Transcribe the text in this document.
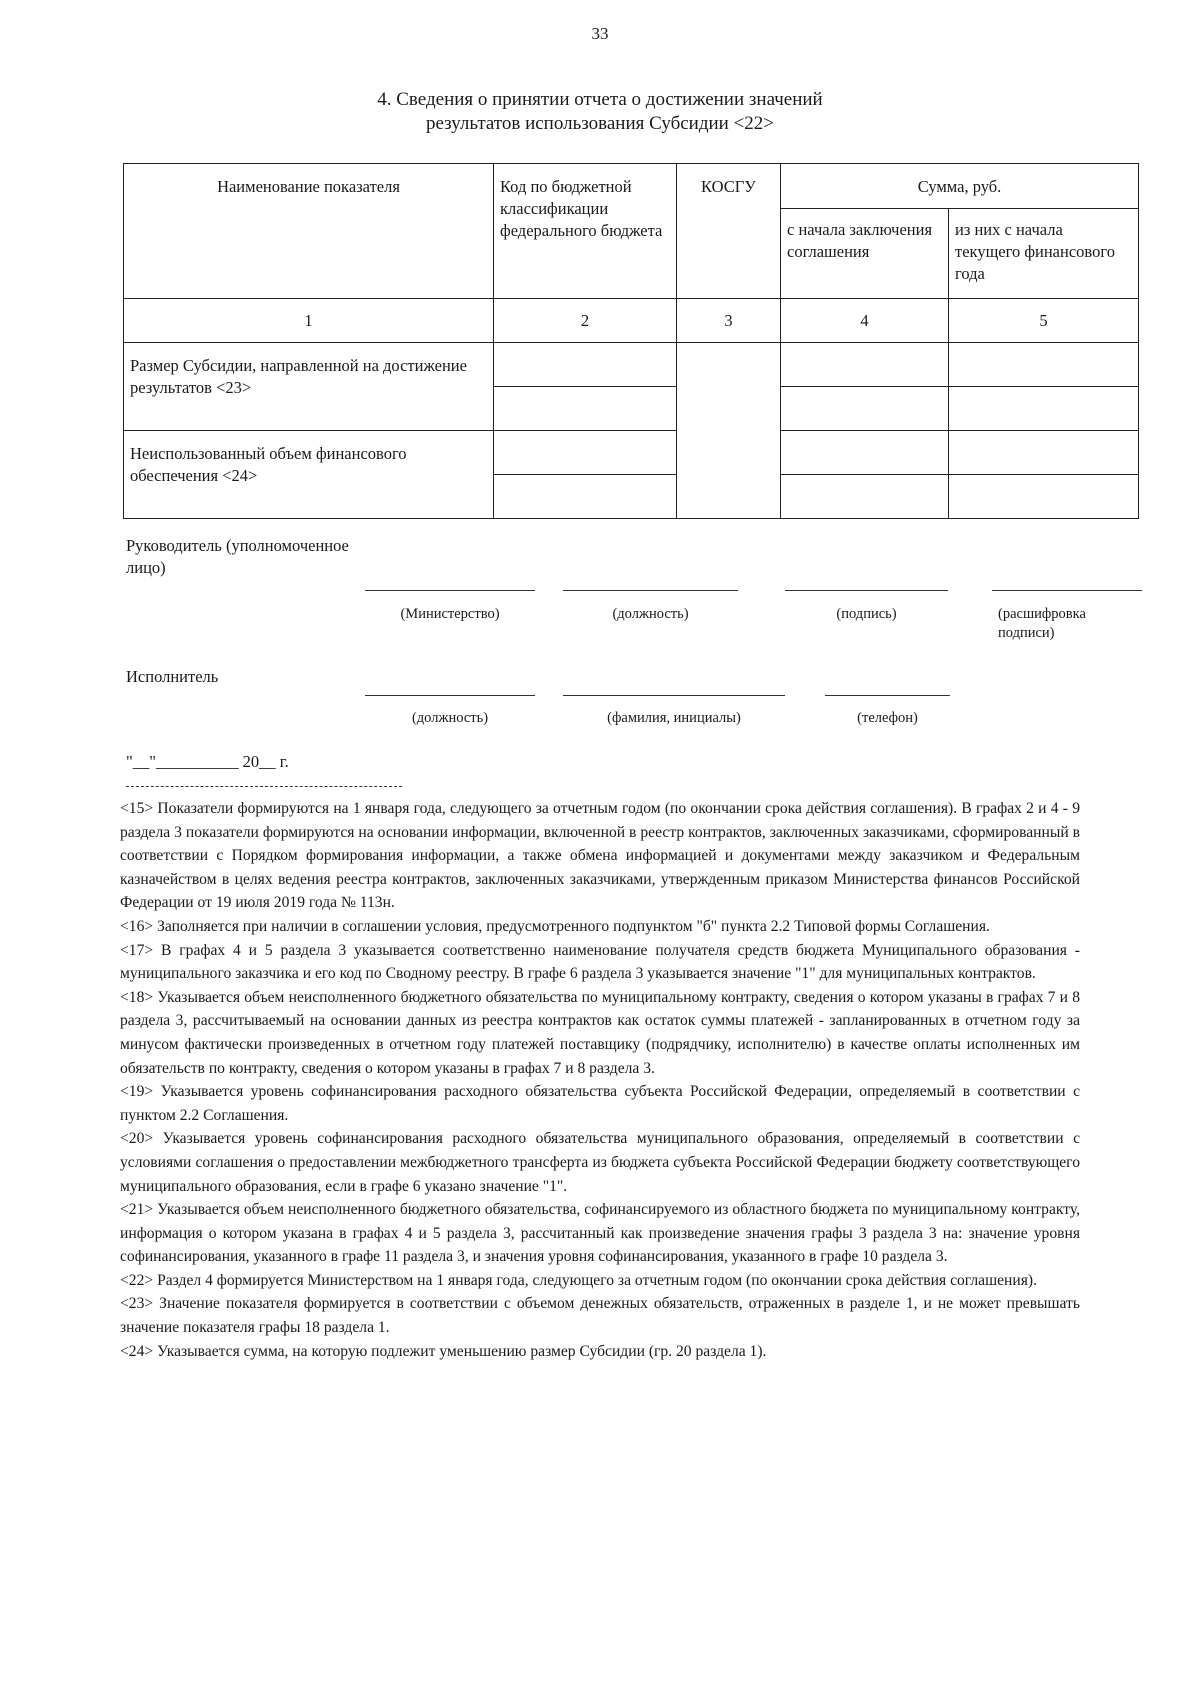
33
4. Сведения о принятии отчета о достижении значений
результатов использования Субсидии <22>
Наименование показателя	Код по бюджетной классификации федерального бюджета	КОСГУ	Сумма, руб.	
			с начала заключения соглашения	из них с начала текущего финансового года
1	2	3	4	5
Размер Субсидии, направленной на достижение результатов <23>				

Неиспользованный объем финансового обеспечения <24>				

Руководитель (уполномоченное лицо)
(Министерство)	(должность)	(подпись)	(расшифровка подписи)
Исполнитель
(должность)	(фамилия, инициалы)	(телефон)
"__"__________ 20__ г.

<15> Показатели формируются на 1 января года, следующего за отчетным годом (по окончании срока действия соглашения). В графах 2 и 4 - 9 раздела 3 показатели формируются на основании информации, включенной в реестр контрактов, заключенных заказчиками, сформированный в соответствии с Порядком формирования информации, а также обмена информацией и документами между заказчиком и Федеральным казначейством в целях ведения реестра контрактов, заключенных заказчиками, утвержденным приказом Министерства финансов Российской Федерации от 19 июля 2019 года № 113н.

<16> Заполняется при наличии в соглашении условия, предусмотренного подпунктом "б" пункта 2.2 Типовой формы Соглашения.

<17> В графах 4 и 5 раздела 3 указывается соответственно наименование получателя средств бюджета Муниципального образования - муниципального заказчика и его код по Сводному реестру. В графе 6 раздела 3 указывается значение "1" для муниципальных контрактов.

<18> Указывается объем неисполненного бюджетного обязательства по муниципальному контракту, сведения о котором указаны в графах 7 и 8 раздела 3, рассчитываемый на основании данных из реестра контрактов как остаток суммы платежей - запланированных в отчетном году за минусом фактически произведенных в отчетном году платежей поставщику (подрядчику, исполнителю) в качестве оплаты исполненных им обязательств по контракту, сведения о котором указаны в графах 7 и 8 раздела 3.

<19> Указывается уровень софинансирования расходного обязательства субъекта Российской Федерации, определяемый в соответствии с пунктом 2.2 Соглашения.

<20> Указывается уровень софинансирования расходного обязательства муниципального образования, определяемый в соответствии с условиями соглашения о предоставлении межбюджетного трансферта из бюджета субъекта Российской Федерации бюджету соответствующего муниципального образования, если в графе 6 указано значение "1".

<21> Указывается объем неисполненного бюджетного обязательства, софинансируемого из областного бюджета по муниципальному контракту, информация о котором указана в графах 4 и 5 раздела 3, рассчитанный как произведение значения графы 3 раздела 3 на: значение уровня софинансирования, указанного в графе 11 раздела 3, и значения уровня софинансирования, указанного в графе 10 раздела 3.

<22> Раздел 4 формируется Министерством на 1 января года, следующего за отчетным годом (по окончании срока действия соглашения).

<23> Значение показателя формируется в соответствии с объемом денежных обязательств, отраженных в разделе 1, и не может превышать значение показателя графы 18 раздела 1.

<24> Указывается сумма, на которую подлежит уменьшению размер Субсидии (гр. 20 раздела 1).
